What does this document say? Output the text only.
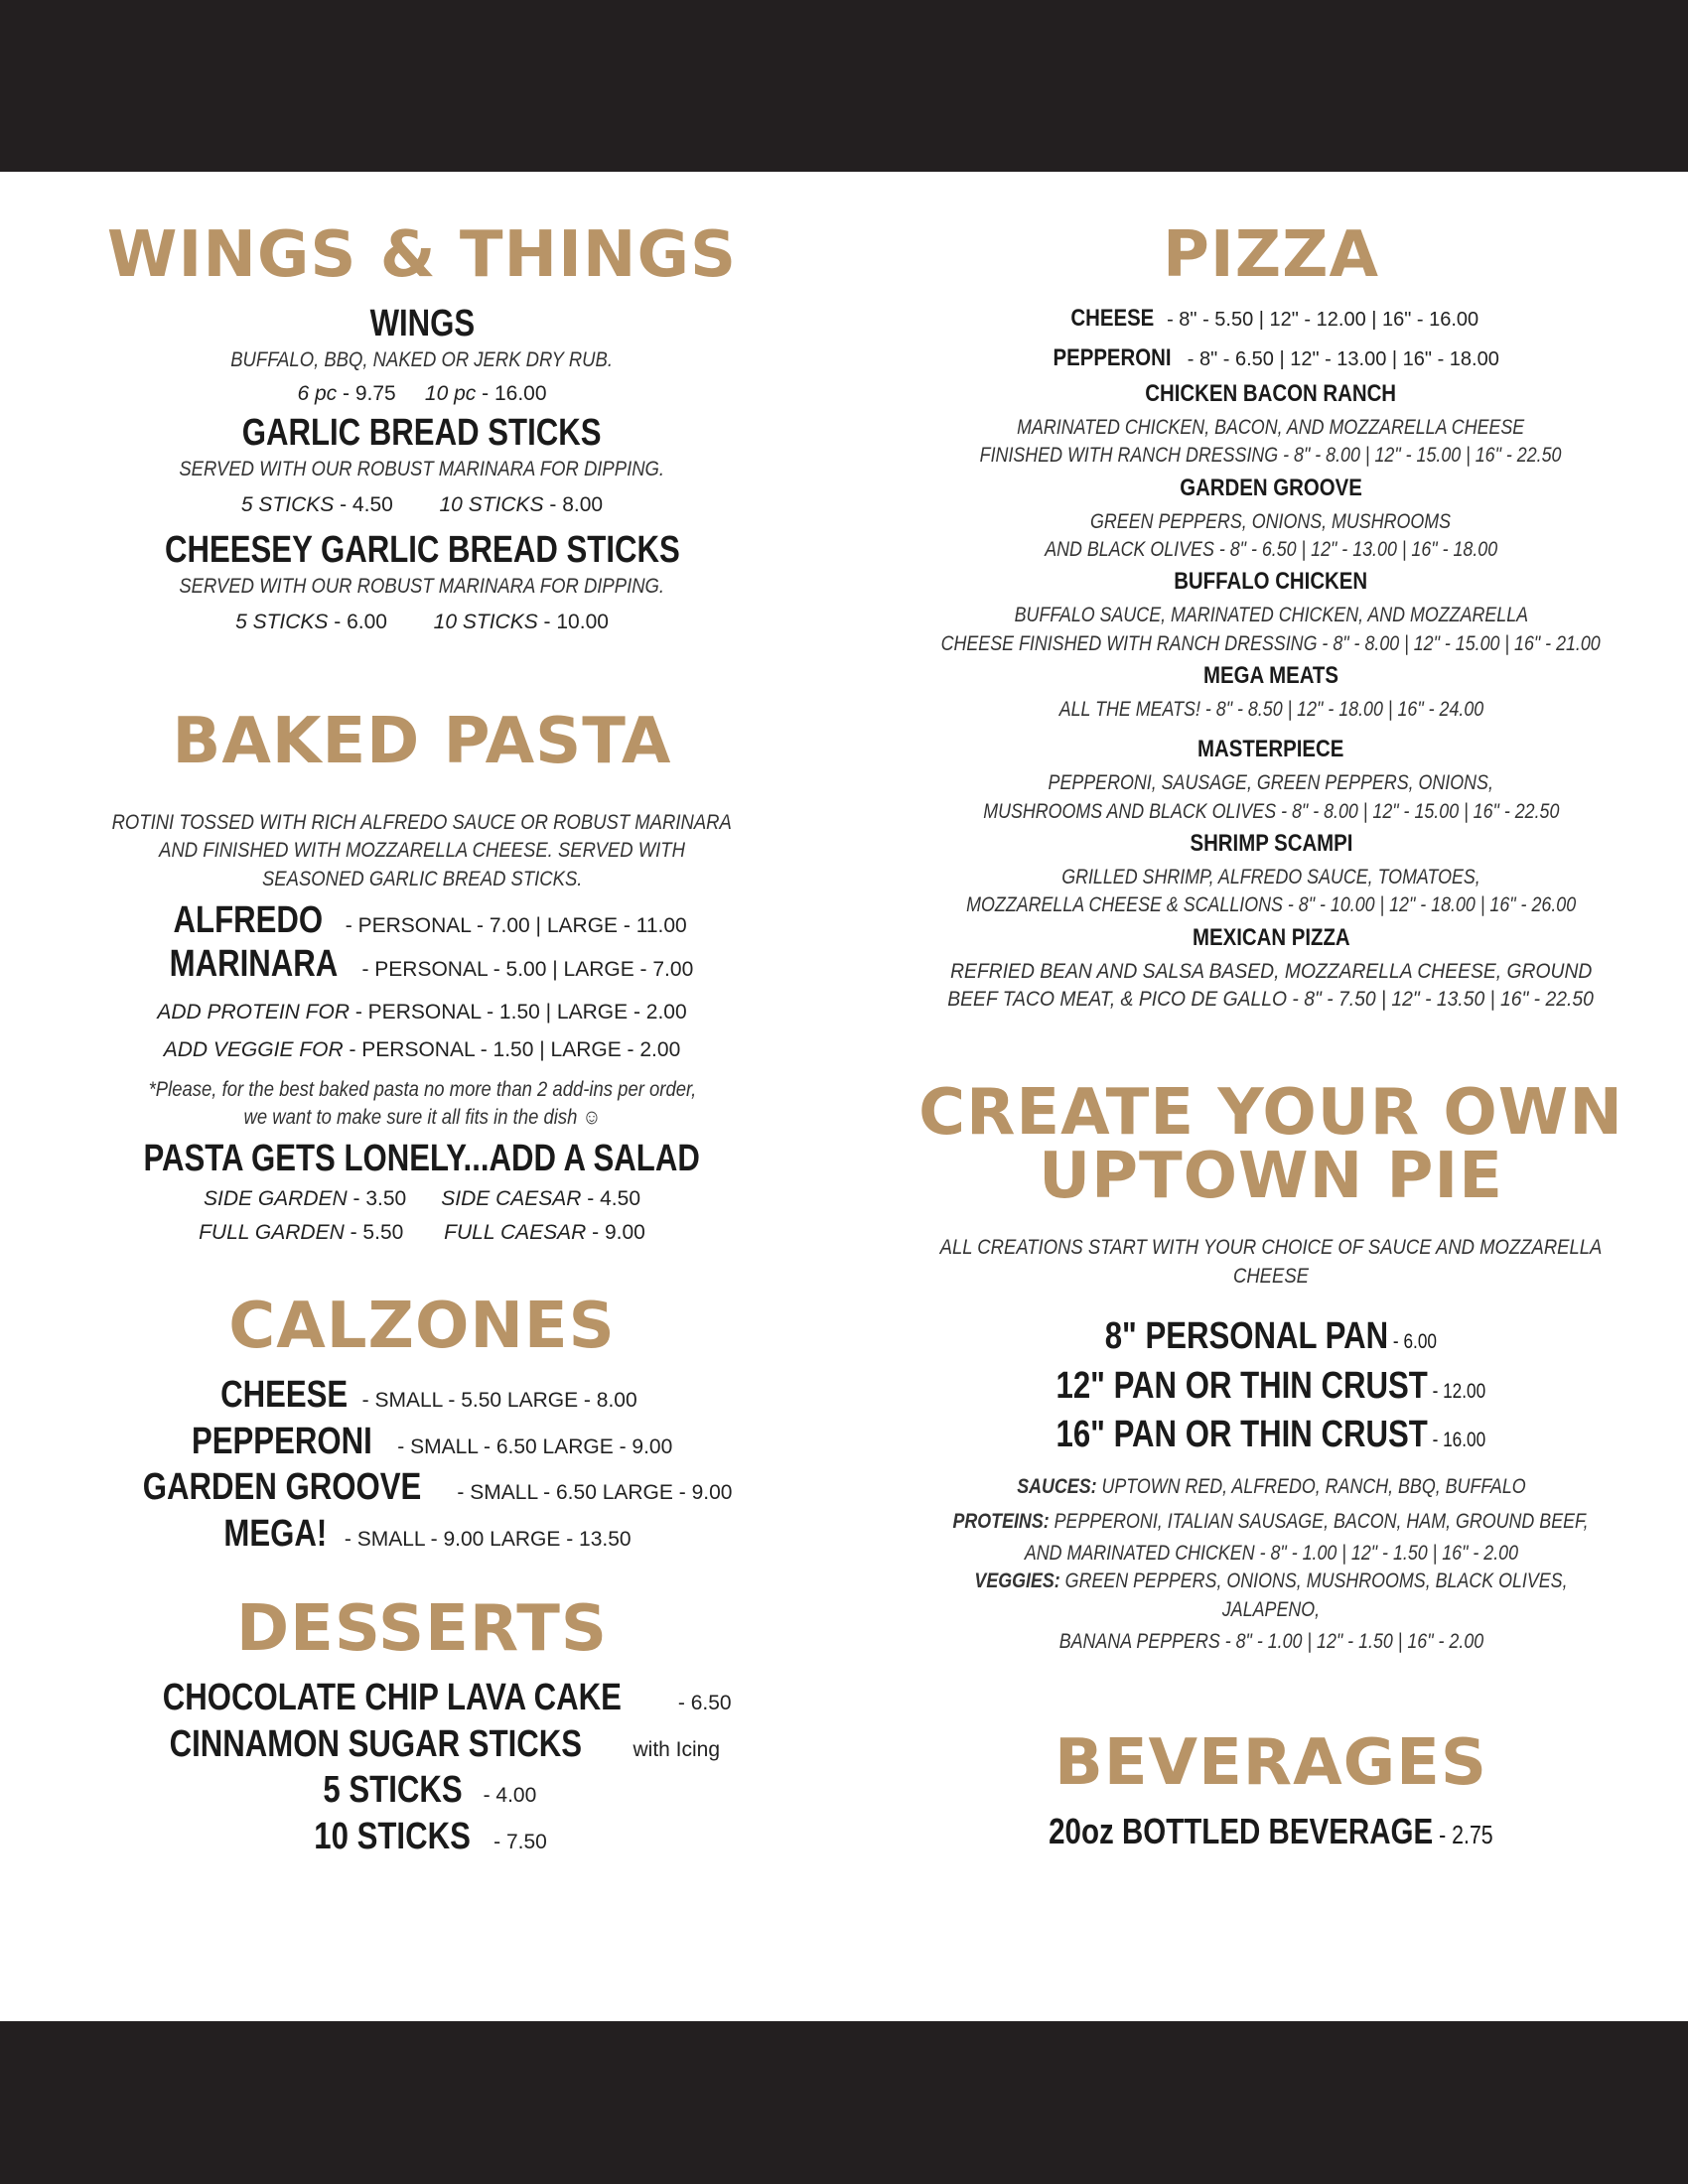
WINGS & THINGS
WINGS
BUFFALO, BBQ, NAKED OR JERK DRY RUB.
6 pc - 9.75 10 pc - 16.00
GARLIC BREAD STICKS
SERVED WITH OUR ROBUST MARINARA FOR DIPPING.
5 STICKS - 4.50 10 STICKS - 8.00
CHEESEY GARLIC BREAD STICKS
SERVED WITH OUR ROBUST MARINARA FOR DIPPING.
5 STICKS - 6.00 10 STICKS - 10.00
BAKED PASTA
ROTINI TOSSED WITH RICH ALFREDO SAUCE OR ROBUST MARINARA
AND FINISHED WITH MOZZARELLA CHEESE. SERVED WITH
SEASONED GARLIC BREAD STICKS.
ALFREDO - PERSONAL - 7.00 | LARGE - 11.00
MARINARA - PERSONAL - 5.00 | LARGE - 7.00
ADD PROTEIN FOR - PERSONAL - 1.50 | LARGE - 2.00
ADD VEGGIE FOR - PERSONAL - 1.50 | LARGE - 2.00
*Please, for the best baked pasta no more than 2 add-ins per order,
we want to make sure it all fits in the dish ☺
PASTA GETS LONELY...ADD A SALAD
SIDE GARDEN - 3.50 SIDE CAESAR - 4.50
FULL GARDEN - 5.50 FULL CAESAR - 9.00
CALZONES
CHEESE - SMALL - 5.50 LARGE - 8.00
PEPPERONI - SMALL - 6.50 LARGE - 9.00
GARDEN GROOVE - SMALL - 6.50 LARGE - 9.00
MEGA! - SMALL - 9.00 LARGE - 13.50
DESSERTS
CHOCOLATE CHIP LAVA CAKE - 6.50
CINNAMON SUGAR STICKS with Icing
5 STICKS - 4.00
10 STICKS - 7.50
PIZZA
CHEESE - 8" - 5.50 | 12" - 12.00 | 16" - 16.00
PEPPERONI - 8" - 6.50 | 12" - 13.00 | 16" - 18.00
CHICKEN BACON RANCH
MARINATED CHICKEN, BACON, AND MOZZARELLA CHEESE
FINISHED WITH RANCH DRESSING - 8" - 8.00 | 12" - 15.00 | 16" - 22.50
GARDEN GROOVE
GREEN PEPPERS, ONIONS, MUSHROOMS
AND BLACK OLIVES - 8" - 6.50 | 12" - 13.00 | 16" - 18.00
BUFFALO CHICKEN
BUFFALO SAUCE, MARINATED CHICKEN, AND MOZZARELLA
CHEESE FINISHED WITH RANCH DRESSING - 8" - 8.00 | 12" - 15.00 | 16" - 21.00
MEGA MEATS
ALL THE MEATS! - 8" - 8.50 | 12" - 18.00 | 16" - 24.00
MASTERPIECE
PEPPERONI, SAUSAGE, GREEN PEPPERS, ONIONS,
MUSHROOMS AND BLACK OLIVES - 8" - 8.00 | 12" - 15.00 | 16" - 22.50
SHRIMP SCAMPI
GRILLED SHRIMP, ALFREDO SAUCE, TOMATOES,
MOZZARELLA CHEESE & SCALLIONS - 8" - 10.00 | 12" - 18.00 | 16" - 26.00
MEXICAN PIZZA
REFRIED BEAN AND SALSA BASED, MOZZARELLA CHEESE, GROUND
BEEF TACO MEAT, & PICO DE GALLO - 8" - 7.50 | 12" - 13.50 | 16" - 22.50
CREATE YOUR OWN
UPTOWN PIE
ALL CREATIONS START WITH YOUR CHOICE OF SAUCE AND MOZZARELLA CHEESE
8" PERSONAL PAN - 6.00
12" PAN OR THIN CRUST - 12.00
16" PAN OR THIN CRUST - 16.00
SAUCES: UPTOWN RED, ALFREDO, RANCH, BBQ, BUFFALO
PROTEINS: PEPPERONI, ITALIAN SAUSAGE, BACON, HAM, GROUND BEEF,
AND MARINATED CHICKEN - 8" - 1.00 | 12" - 1.50 | 16" - 2.00
VEGGIES: GREEN PEPPERS, ONIONS, MUSHROOMS, BLACK OLIVES, JALAPENO,
BANANA PEPPERS - 8" - 1.00 | 12" - 1.50 | 16" - 2.00
BEVERAGES
20oz BOTTLED BEVERAGE - 2.75
